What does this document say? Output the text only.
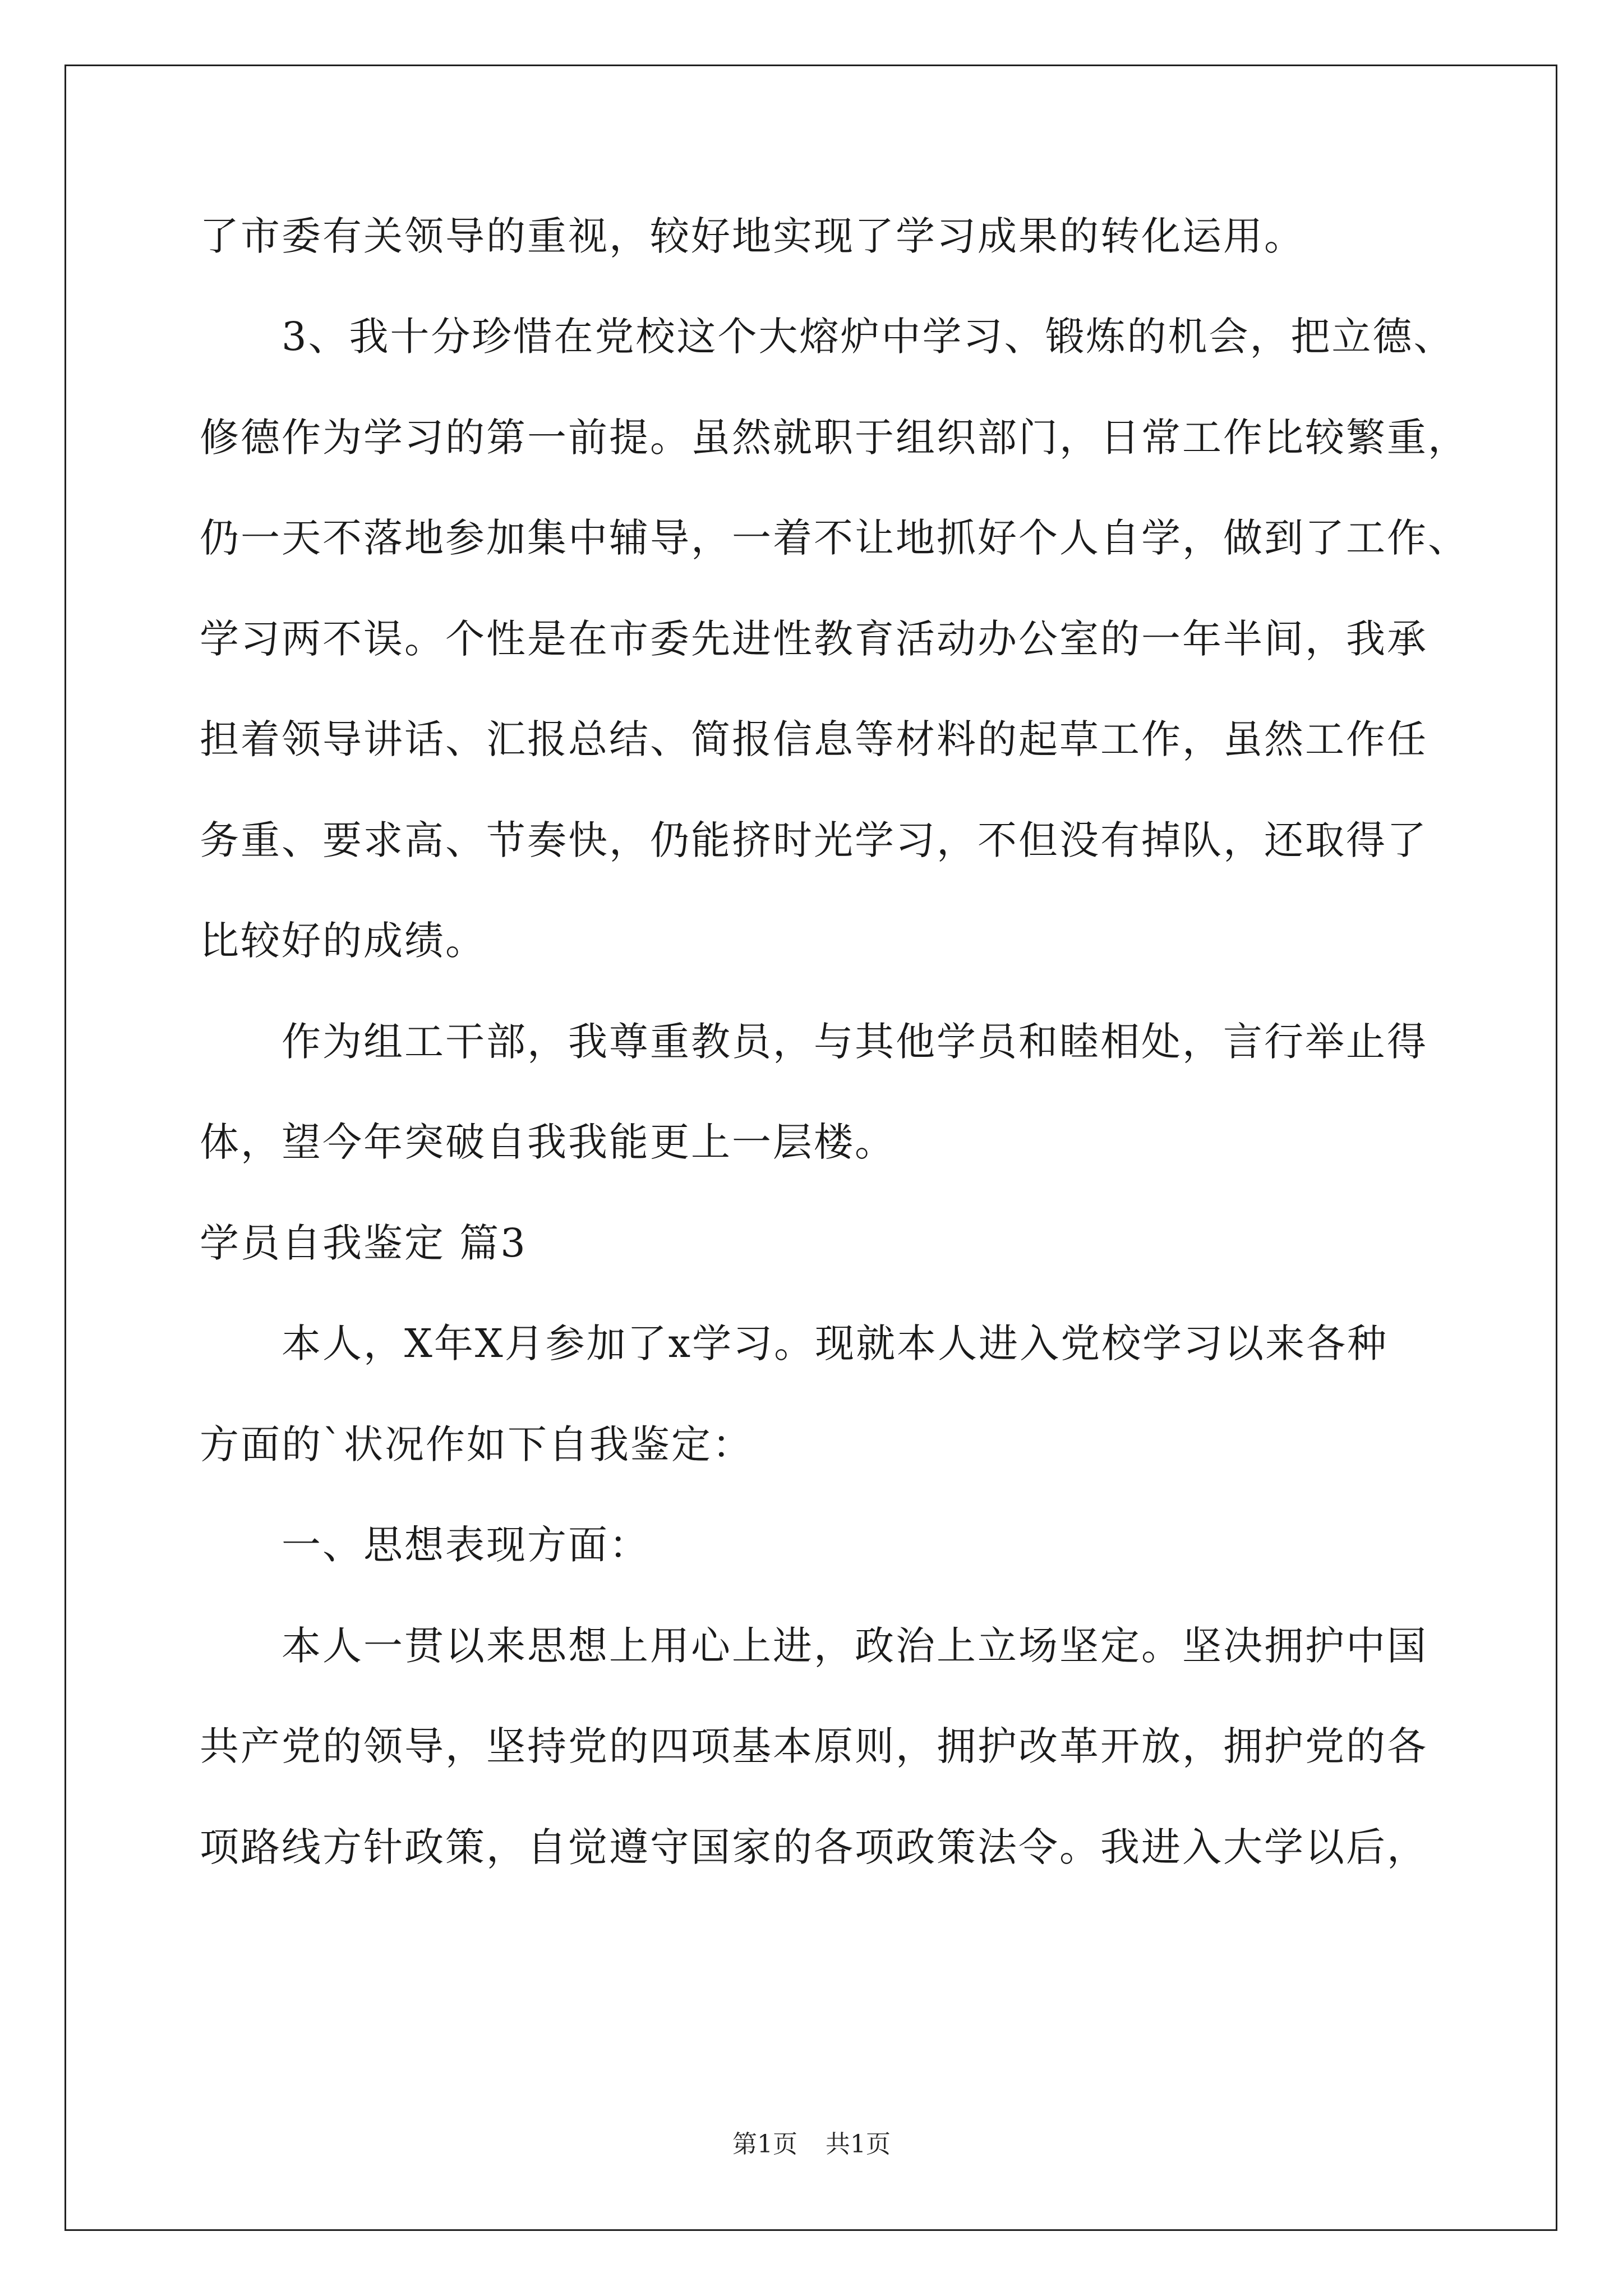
了市委有关领导的重视，较好地实现了学习成果的转化运用。
3、我十分珍惜在党校这个大熔炉中学习、锻炼的机会，把立德、
修德作为学习的第一前提。虽然就职于组织部门，日常工作比较繁重，
仍一天不落地参加集中辅导，一着不让地抓好个人自学，做到了工作、
学习两不误。个性是在市委先进性教育活动办公室的一年半间，我承
担着领导讲话、汇报总结、简报信息等材料的起草工作，虽然工作任
务重、要求高、节奏快，仍能挤时光学习，不但没有掉队，还取得了
比较好的成绩。
作为组工干部，我尊重教员，与其他学员和睦相处，言行举止得
体，望今年突破自我我能更上一层楼。
学员自我鉴定 篇3
本人，X年X月参加了x学习。现就本人进入党校学习以来各种
方面的`状况作如下自我鉴定：
一、思想表现方面：
本人一贯以来思想上用心上进，政治上立场坚定。坚决拥护中国
共产党的领导，坚持党的四项基本原则，拥护改革开放，拥护党的各
项路线方针政策，自觉遵守国家的各项政策法令。我进入大学以后，
第1页 共1页
